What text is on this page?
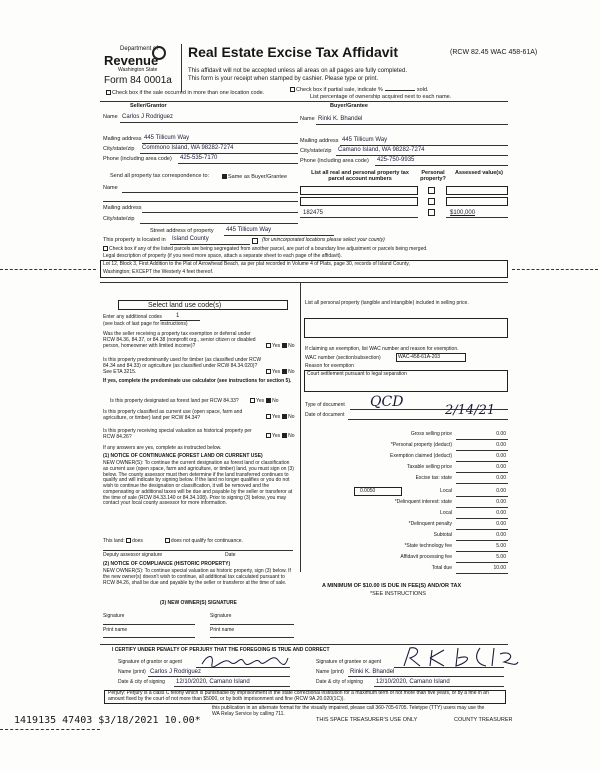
Department of
Revenue
Washington State
Form 84 0001a
Real Estate Excise Tax Affidavit	(RCW 82.45 WAC 458-61A)
This affidavit will not be accepted unless all areas on all pages are fully completed.
This form is your receipt when stamped by cashier. Please type or print.
Check box if the sale occurred in more than one location code.	Check box if partial sale, indicate %	sold.
List percentage of ownership acquired next to each name.
Seller/Grantor
Name Carlos J Rodriguez
Mailing address 445 Tillicum Way
City/state/zip Commono Island, WA 98282-7274
Phone (including area code) 425-535-7170
Buyer/Grantee
Name Rinki K. Bhandel
Mailing address 445 Tillicum Way
City/state/zip Camano Island, WA 98282-7274
Phone (including area code) 425-750-9935
Send all property tax correspondence to:	Same as Buyer/Grantee
Name
Mailing address
City/state/zip
List all real and personal property tax parcel account numbers
Personal property?
Assessed value(s)
182475	$100,000
Street address of property 445 Tillicum Way
This property is located in Island County	(for unincorporated locations please select your county)
Check box if any of the listed parcels are being segregated from another parcel, are part of a boundary line adjustment or parcels being merged.
Legal description of property (if you need more space, attach a separate sheet to each page of the affidavit).
Lot 12, Block 3, First Addition to the Plat of Arrowhead Beach, as per plat recorded in Volume 4 of Plats, page 30, records of Island County,
Washington; EXCEPT the Westerly 4 feet thereof.
Select land use code(s)
Enter any additional codes 1
(see back of last page for instructions)
Was the seller receiving a property tax exemption or deferral under RCW 84.36, 84.37, or 84.38 (nonprofit org., senior citizen or disabled person, homeowner with limited income)?	Yes No
Is this property predominantly used for timber (as classified under RCW 84.34 and 84.33) or agriculture (as classified under RCW 84.34.020)? See ETA 3215.	Yes No
If yes, complete the predominate use calculator (see instructions for section 5).
Is this property designated as forest land per RCW 84.33?	Yes No
Is this property classified as current use (open space, farm and agriculture, or timber) land per RCW 84.34?	Yes No
Is this property receiving special valuation as historical property per RCW 84.26?	Yes No
If any answers are yes, complete as instructed below.
(1) NOTICE OF CONTINUANCE (FOREST LAND OR CURRENT USE)
NEW OWNER(S): To continue the current designation as forest land or classification as current use (open space, farm and agriculture, or timber) land, you must sign on (3) below. The county assessor must then determine if the land transferred continues to qualify and will indicate by signing below. If the land no longer qualifies or you do not wish to continue the designation or classification, it will be removed and the compensating or additional taxes will be due and payable by the seller or transferor at the time of sale (RCW 84.33.140 or 84.34.108). Prior to signing (3) below, you may contact your local county assessor for more information.
This land: does	does not qualify for continuance.
Deputy assessor signature	Date
(2) NOTICE OF COMPLIANCE (HISTORIC PROPERTY)
NEW OWNER(S): To continue special valuation as historic property, sign (3) below. If the new owner(s) doesn't wish to continue, all additional tax calculated pursuant to RCW 84.26, shall be due and payable by the seller or transferor at the time of sale.
(3) NEW OWNER(S) SIGNATURE
Signature	Signature
Print name	Print name
List all personal property (tangible and intangible) included in selling price.
If claiming an exemption, list WAC number and reason for exemption.
WAC number (section/subsection)	WAC-458-61A-203
Reason for exemption
Court settlement pursuant to legal separation
Type of document QCD
Date of document	2/14/21
Gross selling price	0.00
*Personal property (deduct)	0.00
Exemption claimed (deduct)	0.00
Taxable selling price	0.00
Excise tax: state	0.00
Local	0.00
*Delinquent interest: state	0.00
Local	0.00
*Delinquent penalty	0.00
Subtotal	0.00
*State technology fee	5.00
Affidavit processing fee	5.00
Total due	10.00
0.0050
A MINIMUM OF $10.00 IS DUE IN FEE(S) AND/OR TAX
*SEE INSTRUCTIONS
I CERTIFY UNDER PENALTY OF PERJURY THAT THE FOREGOING IS TRUE AND CORRECT
Signature of grantor or agent	Signature of grantee or agent
Name (print) Carlos J Rodriguez	Name (print) Rinki K. Bhandel
Date & city of signing 12/10/2020, Camano Island	Date & city of signing 12/10/2020, Camano Island
Perjury: Perjury is a class C felony which is punishable by imprisonment in the state correctional institution for a maximum term of not more than five years, or by a fine in an amount fixed by the court of not more than $5000, or by both imprisonment and fine (RCW 9A.20.020(1C)).
this publication in an alternate format for the visually impaired, please call 360-705-6705. Teletype (TTY) users may use the WA Relay Service by calling 711.
1419135 47403 $3/18/2021 10.00*	THIS SPACE TREASURER'S USE ONLY	COUNTY TREASURER
